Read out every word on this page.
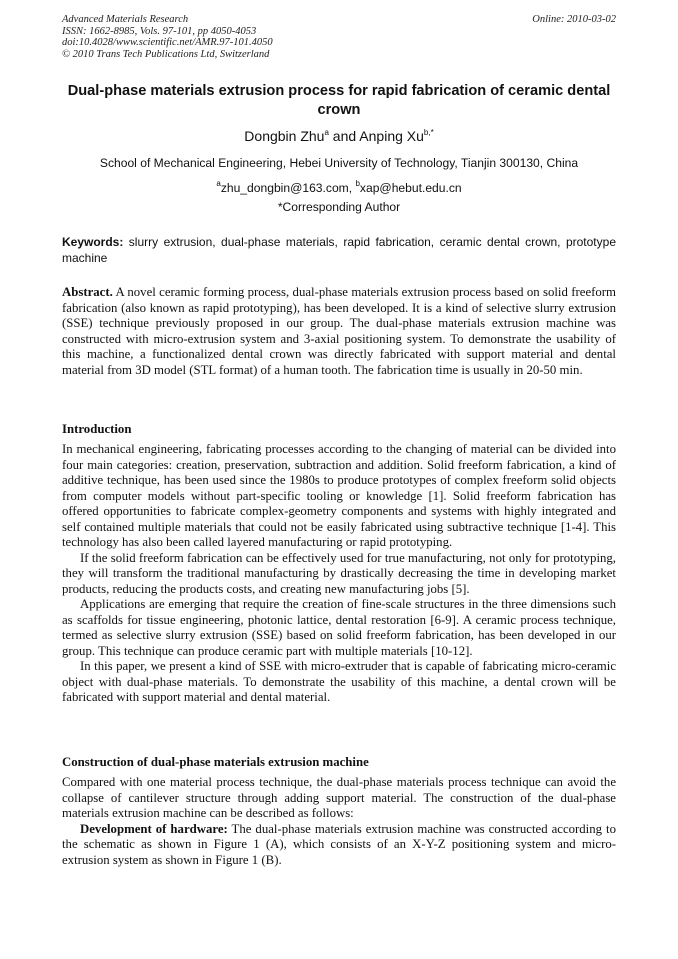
Advanced Materials Research
ISSN: 1662-8985, Vols. 97-101, pp 4050-4053
doi:10.4028/www.scientific.net/AMR.97-101.4050
© 2010 Trans Tech Publications Ltd, Switzerland
Online: 2010-03-02
Dual-phase materials extrusion process for rapid fabrication of ceramic dental crown
Dongbin Zhu$^a$ and Anping $Xu^{b,*}$
School of Mechanical Engineering, Hebei University of Technology, Tianjin 300130, China
$^a$zhu_dongbin@163.com, $^b$xap@hebut.edu.cn
*Corresponding Author
Keywords: slurry extrusion, dual-phase materials, rapid fabrication, ceramic dental crown, prototype machine

Abstract. A novel ceramic forming process, dual-phase materials extrusion process based on solid freeform fabrication (also known as rapid prototyping), has been developed. It is a kind of selective slurry extrusion (SSE) technique previously proposed in our group. The dual-phase materials extrusion machine was constructed with micro-extrusion system and 3-axial positioning system. To demonstrate the usability of this machine, a functionalized dental crown was directly fabricated with support material and dental material from 3D model (STL format) of a human tooth. The fabrication time is usually in 20-50 min.

Introduction

In mechanical engineering, fabricating processes according to the changing of material can be divided into four main categories: creation, preservation, subtraction and addition. Solid freeform fabrication, a kind of additive technique, has been used since the 1980s to produce prototypes of complex freeform solid objects from computer models without part-specific tooling or knowledge [1]. Solid freeform fabrication has offered opportunities to fabricate complex-geometry components and systems with highly integrated and self contained multiple materials that could not be easily fabricated using subtractive technique [1-4]. This technology has also been called layered manufacturing or rapid prototyping.

If the solid freeform fabrication can be effectively used for true manufacturing, not only for prototyping, they will transform the traditional manufacturing by drastically decreasing the time in developing market products, reducing the products costs, and creating new manufacturing jobs [5].

Applications are emerging that require the creation of fine-scale structures in the three dimensions such as scaffolds for tissue engineering, photonic lattice, dental restoration [6-9]. A ceramic process technique, termed as selective slurry extrusion (SSE) based on solid freeform fabrication, has been developed in our group. This technique can produce ceramic part with multiple materials [10-12].

In this paper, we present a kind of SSE with micro-extruder that is capable of fabricating micro-ceramic object with dual-phase materials. To demonstrate the usability of this machine, a dental crown will be fabricated with support material and dental material.

Construction of dual-phase materials extrusion machine

Compared with one material process technique, the dual-phase materials process technique can avoid the collapse of cantilever structure through adding support material. The construction of the dual-phase materials extrusion machine can be described as follows:

Development of hardware: The dual-phase materials extrusion machine was constructed according to the schematic as shown in Figure 1 (A), which consists of an X-Y-Z positioning system and micro-extrusion system as shown in Figure 1 (B).
